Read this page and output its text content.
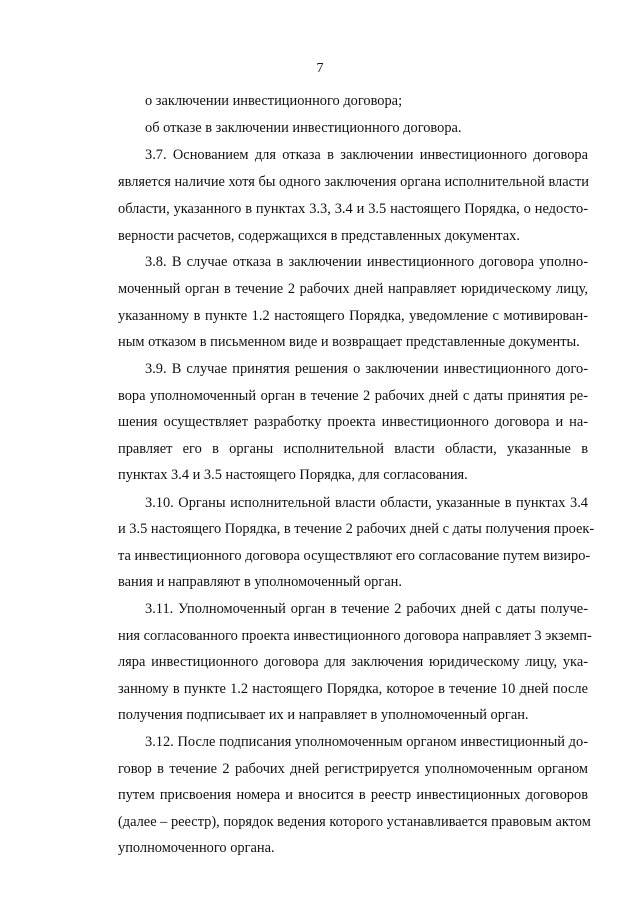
7
о заключении инвестиционного договора;
об отказе в заключении инвестиционного договора.
3.7. Основанием для отказа в заключении инвестиционного договора
является наличие хотя бы одного заключения органа исполнительной власти
области, указанного в пунктах 3.3, 3.4 и 3.5 настоящего Порядка, о недосто-
верности расчетов, содержащихся в представленных документах.
3.8. В случае отказа в заключении инвестиционного договора уполно-
моченный орган в течение 2 рабочих дней направляет юридическому лицу,
указанному в пункте 1.2 настоящего Порядка, уведомление с мотивирован-
ным отказом в письменном виде и возвращает представленные документы.
3.9. В случае принятия решения о заключении инвестиционного дого-
вора уполномоченный орган в течение 2 рабочих дней с даты принятия ре-
шения осуществляет разработку проекта инвестиционного договора и на-
правляет его в органы исполнительной власти области, указанные в
пунктах 3.4 и 3.5 настоящего Порядка, для согласования.
3.10. Органы исполнительной власти области, указанные в пунктах 3.4
и 3.5 настоящего Порядка, в течение 2 рабочих дней с даты получения проек-
та инвестиционного договора осуществляют его согласование путем визиро-
вания и направляют в уполномоченный орган.
3.11. Уполномоченный орган в течение 2 рабочих дней с даты получе-
ния согласованного проекта инвестиционного договора направляет 3 экземп-
ляра инвестиционного договора для заключения юридическому лицу, ука-
занному в пункте 1.2 настоящего Порядка, которое в течение 10 дней после
получения подписывает их и направляет в уполномоченный орган.
3.12. После подписания уполномоченным органом инвестиционный до-
говор в течение 2 рабочих дней регистрируется уполномоченным органом
путем присвоения номера и вносится в реестр инвестиционных договоров
(далее – реестр), порядок ведения которого устанавливается правовым актом
уполномоченного органа.
